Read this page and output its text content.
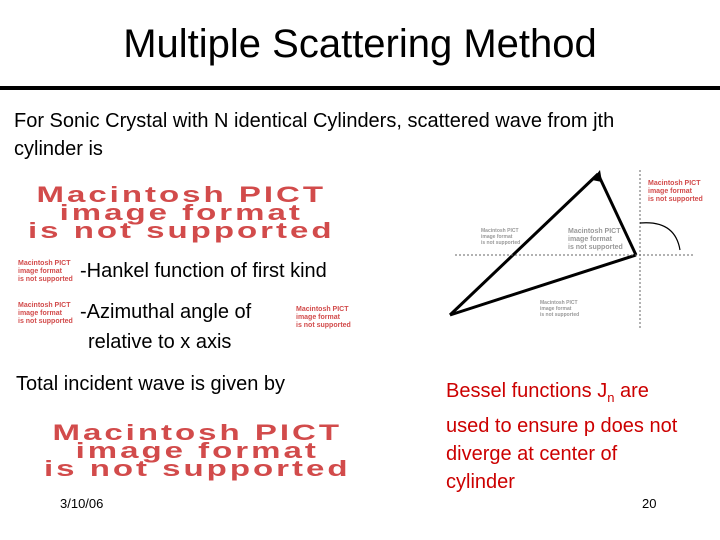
Multiple Scattering Method
For Sonic Crystal with N identical Cylinders, scattered wave from jth cylinder is
Macintosh PICT
image format
is not supported
Macintosh PICT
image format
is not supported -Hankel function of first kind
Macintosh PICT
image format
is not supported -Azimuthal angle of	Macintosh PICT
image format
is not supported
relative to x axis
Total incident wave is given by
Macintosh PICT
image format
is not supported
Macintosh PICT
image format
is not supported
Macintosh PICT
image format
is not supported
Macintosh PICT
image format
is not supported
Macintosh PICT
image format
is not supported
Bessel functions $J_n$ are used to ensure p does not diverge at center of cylinder
3/10/06	20
